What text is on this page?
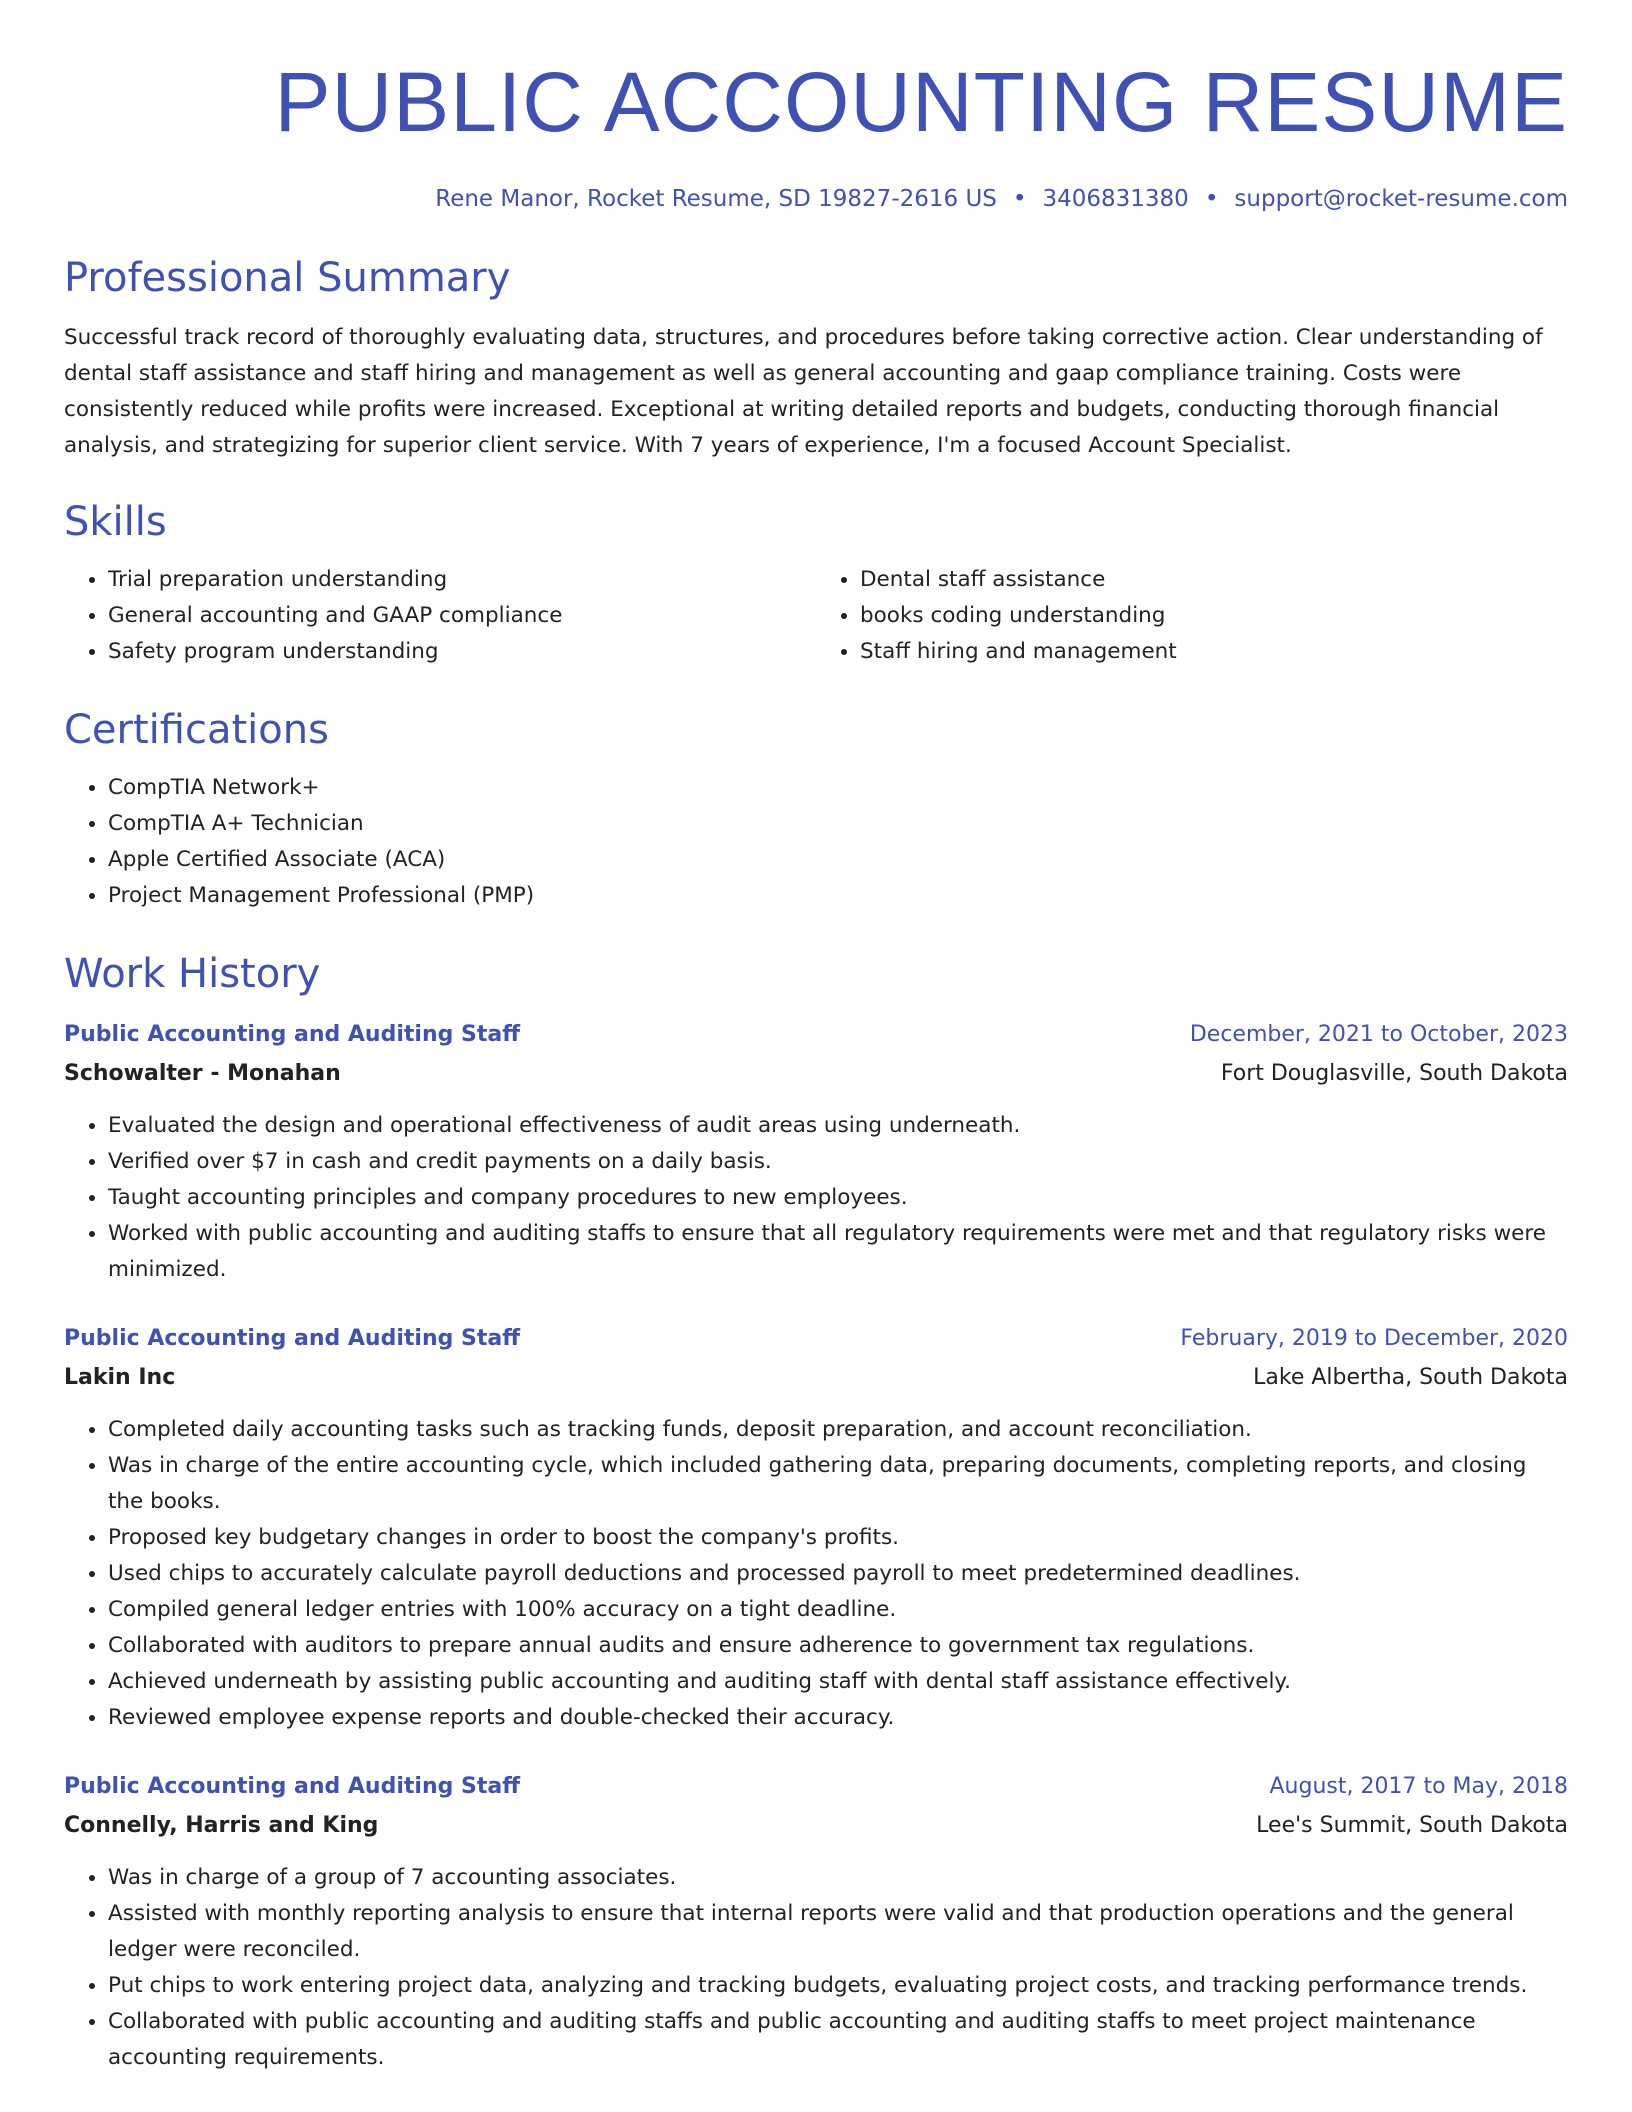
PUBLIC ACCOUNTING RESUME
Rene Manor, Rocket Resume, SD 19827-2616 US • 3406831380 • support@rocket-resume.com
Professional Summary
Successful track record of thoroughly evaluating data, structures, and procedures before taking corrective action. Clear understanding of dental staff assistance and staff hiring and management as well as general accounting and gaap compliance training. Costs were consistently reduced while profits were increased. Exceptional at writing detailed reports and budgets, conducting thorough financial analysis, and strategizing for superior client service. With 7 years of experience, I'm a focused Account Specialist.
Skills
• Trial preparation understanding
• General accounting and GAAP compliance
• Safety program understanding
• Dental staff assistance
• books coding understanding
• Staff hiring and management
Certifications
• CompTIA Network+
• CompTIA A+ Technician
• Apple Certified Associate (ACA)
• Project Management Professional (PMP)
Work History
Public Accounting and Auditing Staff	December, 2021 to October, 2023
Schowalter - Monahan	Fort Douglasville, South Dakota
• Evaluated the design and operational effectiveness of audit areas using underneath.
• Verified over $7 in cash and credit payments on a daily basis.
• Taught accounting principles and company procedures to new employees.
• Worked with public accounting and auditing staffs to ensure that all regulatory requirements were met and that regulatory risks were minimized.
Public Accounting and Auditing Staff	February, 2019 to December, 2020
Lakin Inc	Lake Albertha, South Dakota
• Completed daily accounting tasks such as tracking funds, deposit preparation, and account reconciliation.
• Was in charge of the entire accounting cycle, which included gathering data, preparing documents, completing reports, and closing the books.
• Proposed key budgetary changes in order to boost the company's profits.
• Used chips to accurately calculate payroll deductions and processed payroll to meet predetermined deadlines.
• Compiled general ledger entries with 100% accuracy on a tight deadline.
• Collaborated with auditors to prepare annual audits and ensure adherence to government tax regulations.
• Achieved underneath by assisting public accounting and auditing staff with dental staff assistance effectively.
• Reviewed employee expense reports and double-checked their accuracy.
Public Accounting and Auditing Staff	August, 2017 to May, 2018
Connelly, Harris and King	Lee's Summit, South Dakota
• Was in charge of a group of 7 accounting associates.
• Assisted with monthly reporting analysis to ensure that internal reports were valid and that production operations and the general ledger were reconciled.
• Put chips to work entering project data, analyzing and tracking budgets, evaluating project costs, and tracking performance trends.
• Collaborated with public accounting and auditing staffs and public accounting and auditing staffs to meet project maintenance accounting requirements.
